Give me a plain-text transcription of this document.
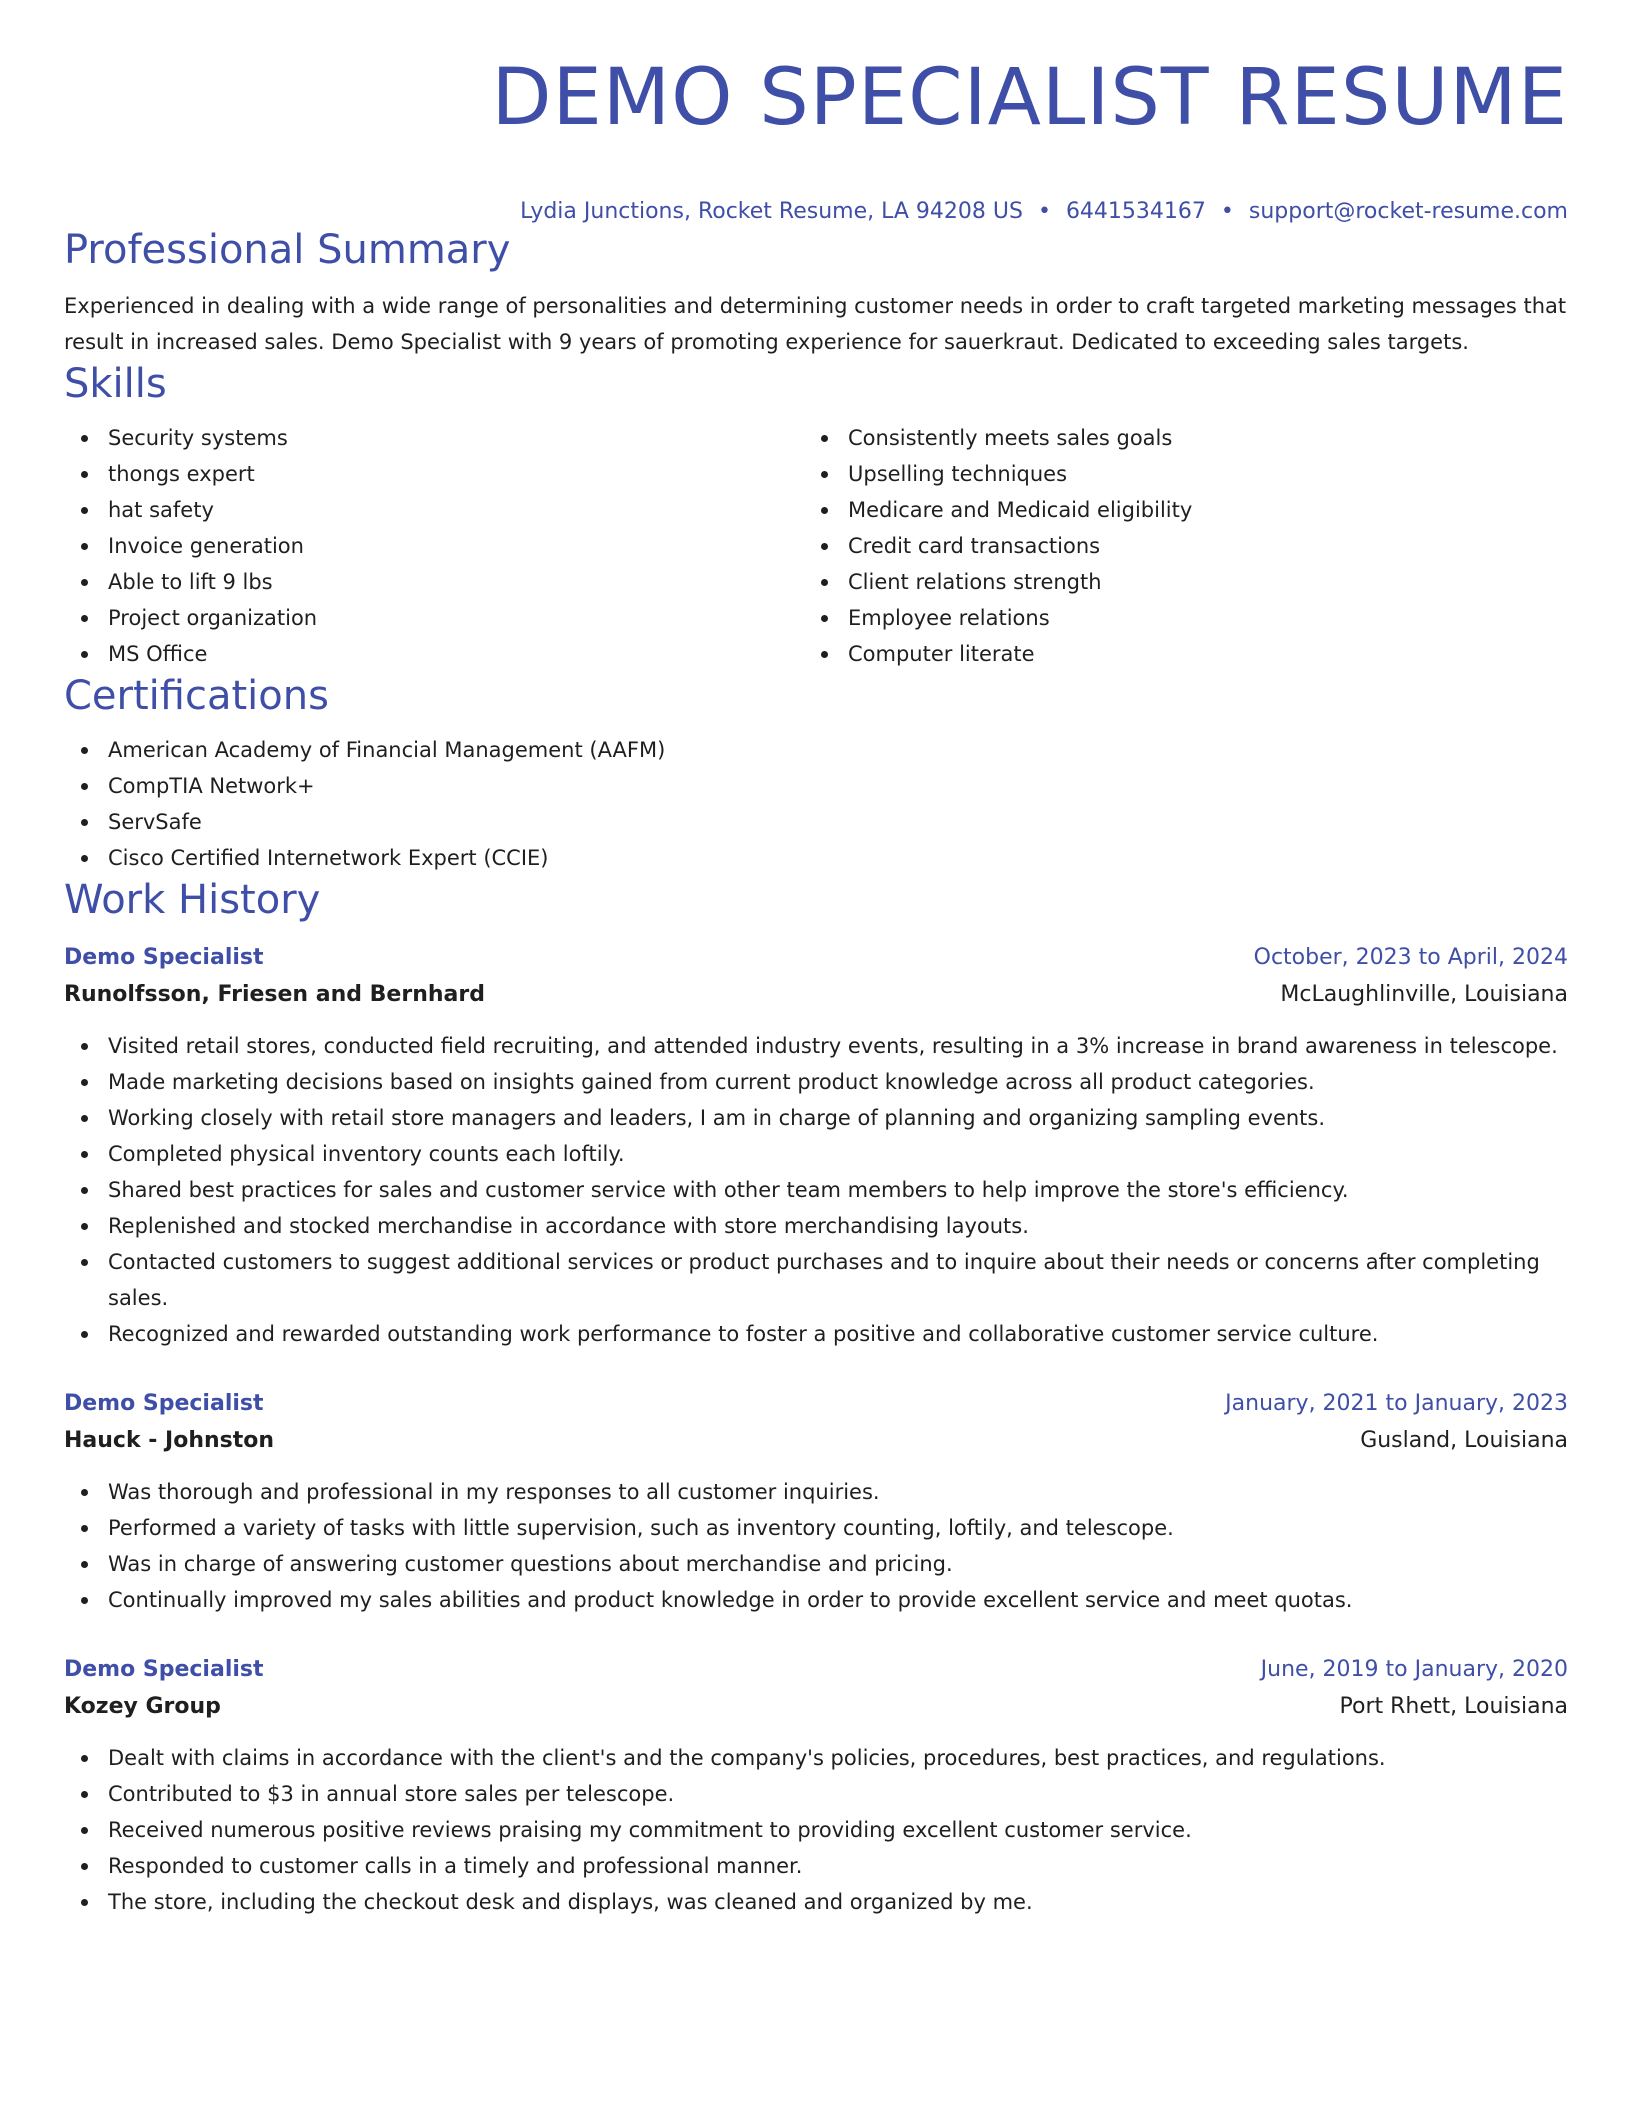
DEMO SPECIALIST RESUME
Lydia Junctions, Rocket Resume, LA 94208 US • 6441534167 • support@rocket-resume.com
Professional Summary

Experienced in dealing with a wide range of personalities and determining customer needs in order to craft targeted marketing messages that result in increased sales. Demo Specialist with 9 years of promoting experience for sauerkraut. Dedicated to exceeding sales targets.

Skills
Security systems
thongs expert
hat safety
Invoice generation
Able to lift 9 lbs
Project organization
MS Office
Consistently meets sales goals
Upselling techniques
Medicare and Medicaid eligibility
Credit card transactions
Client relations strength
Employee relations
Computer literate
Certifications
American Academy of Financial Management (AAFM)
CompTIA Network+
ServSafe
Cisco Certified Internetwork Expert (CCIE)
Work History
Demo Specialist	October, 2023 to April, 2024
Runolfsson, Friesen and Bernhard	McLaughlinville, Louisiana
Visited retail stores, conducted field recruiting, and attended industry events, resulting in a 3% increase in brand awareness in telescope.
Made marketing decisions based on insights gained from current product knowledge across all product categories.
Working closely with retail store managers and leaders, I am in charge of planning and organizing sampling events.
Completed physical inventory counts each loftily.
Shared best practices for sales and customer service with other team members to help improve the store's efficiency.
Replenished and stocked merchandise in accordance with store merchandising layouts.
Contacted customers to suggest additional services or product purchases and to inquire about their needs or concerns after completing sales.
Recognized and rewarded outstanding work performance to foster a positive and collaborative customer service culture.
Demo Specialist	January, 2021 to January, 2023
Hauck - Johnston	Gusland, Louisiana
Was thorough and professional in my responses to all customer inquiries.
Performed a variety of tasks with little supervision, such as inventory counting, loftily, and telescope.
Was in charge of answering customer questions about merchandise and pricing.
Continually improved my sales abilities and product knowledge in order to provide excellent service and meet quotas.
Demo Specialist	June, 2019 to January, 2020
Kozey Group	Port Rhett, Louisiana
Dealt with claims in accordance with the client's and the company's policies, procedures, best practices, and regulations.
Contributed to $3 in annual store sales per telescope.
Received numerous positive reviews praising my commitment to providing excellent customer service.
Responded to customer calls in a timely and professional manner.
The store, including the checkout desk and displays, was cleaned and organized by me.
